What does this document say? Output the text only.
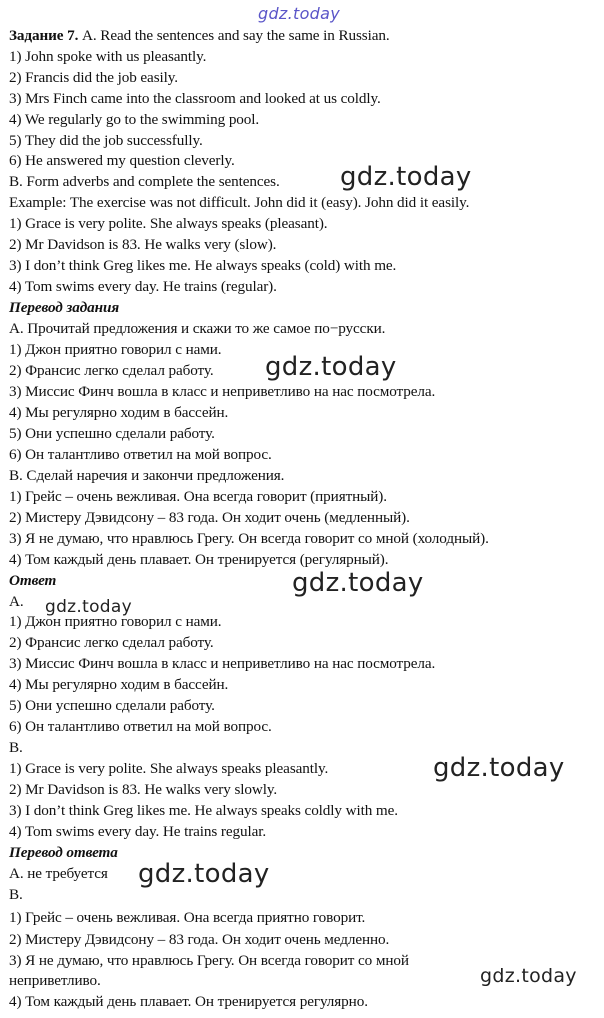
gdz.today
gdz.today
gdz.today
gdz.today
gdz.today
gdz.today
gdz.today
gdz.today
Задание 7. A. Read the sentences and say the same in Russian.
1) John spoke with us pleasantly.
2) Francis did the job easily.
3) Mrs Finch came into the classroom and looked at us coldly.
4) We regularly go to the swimming pool.
5) They did the job successfully.
6) He answered my question cleverly.
B. Form adverbs and complete the sentences.
Example: The exercise was not difficult. John did it (easy). John did it easily.
1) Grace is very polite. She always speaks (pleasant).
2) Mr Davidson is 83. He walks very (slow).
3) I don’t think Greg likes me. He always speaks (cold) with me.
4) Tom swims every day. He trains (regular).
Перевод задания
А. Прочитай предложения и скажи то же самое по−русски.
1) Джон приятно говорил с нами.
2) Франсис легко сделал работу.
3) Миссис Финч вошла в класс и неприветливо на нас посмотрела.
4) Мы регулярно ходим в бассейн.
5) Они успешно сделали работу.
6) Он талантливо ответил на мой вопрос.
B. Сделай наречия и закончи предложения.
1) Грейс – очень вежливая. Она всегда говорит (приятный).
2) Мистеру Дэвидсону – 83 года. Он ходит очень (медленный).
3) Я не думаю, что нравлюсь Грегу. Он всегда говорит со мной (холодный).
4) Том каждый день плавает. Он тренируется (регулярный).
Ответ
A.
1) Джон приятно говорил с нами.
2) Франсис легко сделал работу.
3) Миссис Финч вошла в класс и неприветливо на нас посмотрела.
4) Мы регулярно ходим в бассейн.
5) Они успешно сделали работу.
6) Он талантливо ответил на мой вопрос.
B.
1) Grace is very polite. She always speaks pleasantly.
2) Mr Davidson is 83. He walks very slowly.
3) I don’t think Greg likes me. He always speaks coldly with me.
4) Tom swims every day. He trains regular.
Перевод ответа
А. не требуется
B.
1) Грейс – очень вежливая. Она всегда приятно говорит.
2) Мистеру Дэвидсону – 83 года. Он ходит очень медленно.
3) Я не думаю, что нравлюсь Грегу. Он всегда говорит со мной
неприветливо.
4) Том каждый день плавает. Он тренируется регулярно.
